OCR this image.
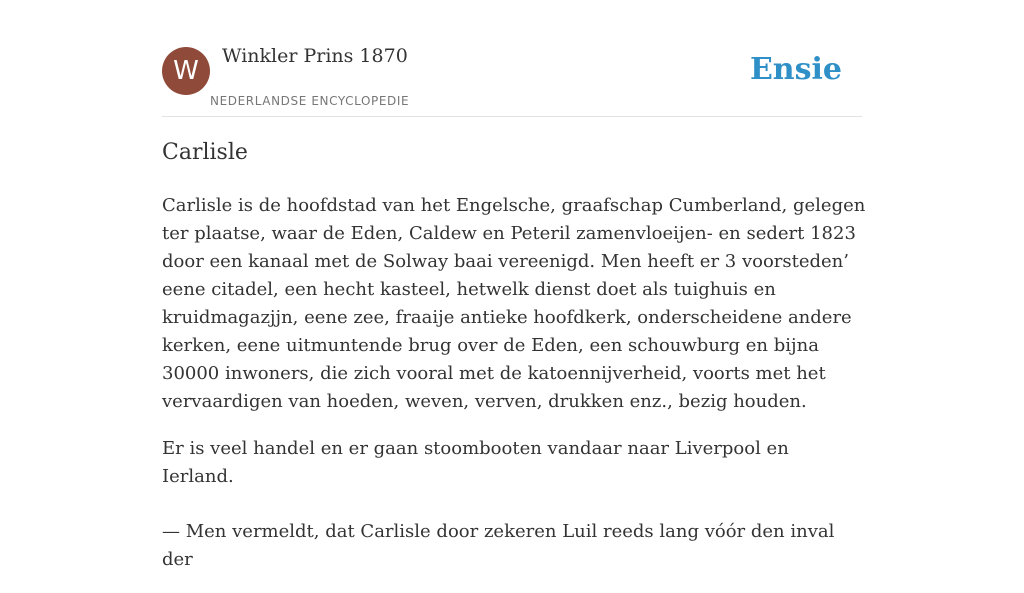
W	Winkler Prins 1870
NEDERLANDSE ENCYCLOPEDIE
Ensie
Carlisle

Carlisle is de hoofdstad van het Engelsche, graafschap Cumberland, gelegen ter plaatse, waar de Eden, Caldew en Peteril zamenvloeijen- en sedert 1823 door een kanaal met de Solway baai vereenigd. Men heeft er 3 voorsteden’ eene citadel, een hecht kasteel, hetwelk dienst doet als tuighuis en kruidmagazjjn, eene zee, fraaije antieke hoofdkerk, onderscheidene andere kerken, eene uitmuntende brug over de Eden, een schouwburg en bijna 30000 inwoners, die zich vooral met de katoennijverheid, voorts met het vervaardigen van hoeden, weven, verven, drukken enz., bezig houden.

Er is veel handel en er gaan stoombooten vandaar naar Liverpool en Ierland.

— Men vermeldt, dat Carlisle door zekeren Luil reeds lang vóór den inval der
